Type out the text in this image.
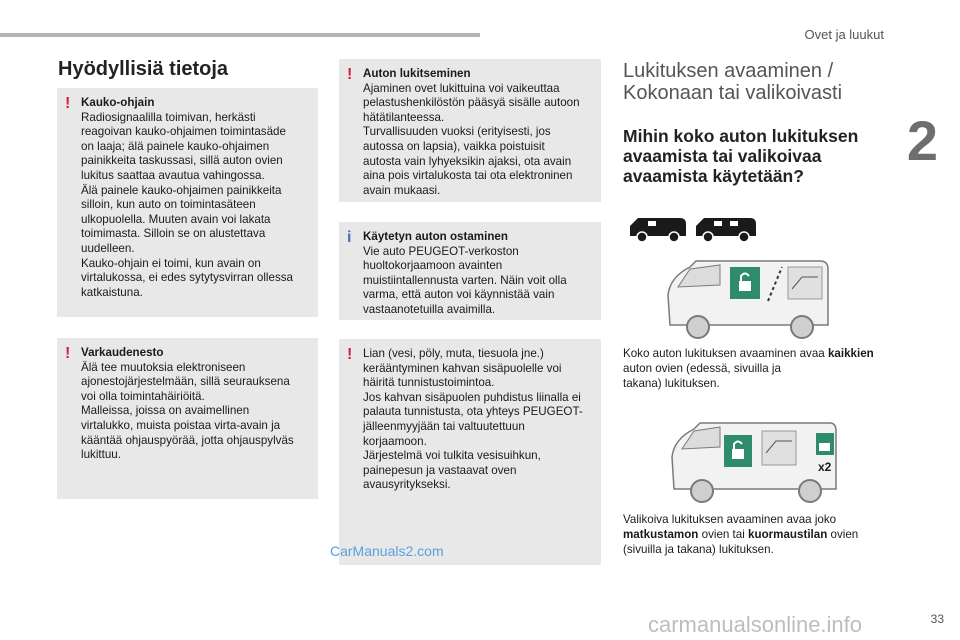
Ovet ja luukut
2
33
Hyödyllisiä tietoja
! Kauko-ohjain

Radiosignaalilla toimivan, herkästi
reagoivan kauko-ohjaimen toimintasäde
on laaja; älä painele kauko-ohjaimen
painikkeita taskussasi, sillä auton ovien
lukitus saattaa avautua vahingossa.
Älä painele kauko-ohjaimen painikkeita
silloin, kun auto on toimintasäteen
ulkopuolella. Muuten avain voi lakata
toimimasta. Silloin se on alustettava
uudelleen.
Kauko-ohjain ei toimi, kun avain on
virtalukossa, ei edes sytytysvirran ollessa
katkaistuna.

! Varkaudenesto

Älä tee muutoksia elektroniseen
ajonestojärjestelmään, sillä seurauksena
voi olla toimintahäiriöitä.
Malleissa, joissa on avaimellinen
virtalukko, muista poistaa virta-avain ja
kääntää ohjauspyörää, jotta ohjauspylväs
lukittuu.

! Auton lukitseminen

Ajaminen ovet lukittuina voi vaikeuttaa
pelastushenkilöstön pääsyä sisälle autoon
hätätilanteessa.
Turvallisuuden vuoksi (erityisesti, jos
autossa on lapsia), vaikka poistuisit
autosta vain lyhyeksikin ajaksi, ota avain
aina pois virtalukosta tai ota elektroninen
avain mukaasi.

i Käytetyn auton ostaminen

Vie auto PEUGEOT-verkoston
huoltokorjaamoon avainten
muistiintallennusta varten. Näin voit olla
varma, että auton voi käynnistää vain
vastaanotetuilla avaimilla.

! Lian (vesi, pöly, muta, tiesuola jne.)
kerääntyminen kahvan sisäpuolelle voi
häiritä tunnistustoimintoa.
Jos kahvan sisäpuolen puhdistus liinalla ei
palauta tunnistusta, ota yhteys PEUGEOT-
jälleenmyyjään tai valtuutettuun
korjaamoon.
Järjestelmä voi tulkita vesisuihkun,
painepesun ja vastaavat oven
avausyritykseksi.

Lukituksen avaaminen /
Kokonaan tai valikoivasti
Mihin koko auton lukituksen
avaamista tai valikoivaa
avaamista käytetään?
Koko auton lukituksen avaaminen avaa kaikkien auton ovien (edessä, sivuilla ja
takana) lukituksen.
x2
Valikoiva lukituksen avaaminen avaa joko matkustamon ovien tai kuormaustilan ovien
(sivuilla ja takana) lukituksen.
CarManuals2.com
carmanualsonline.info
